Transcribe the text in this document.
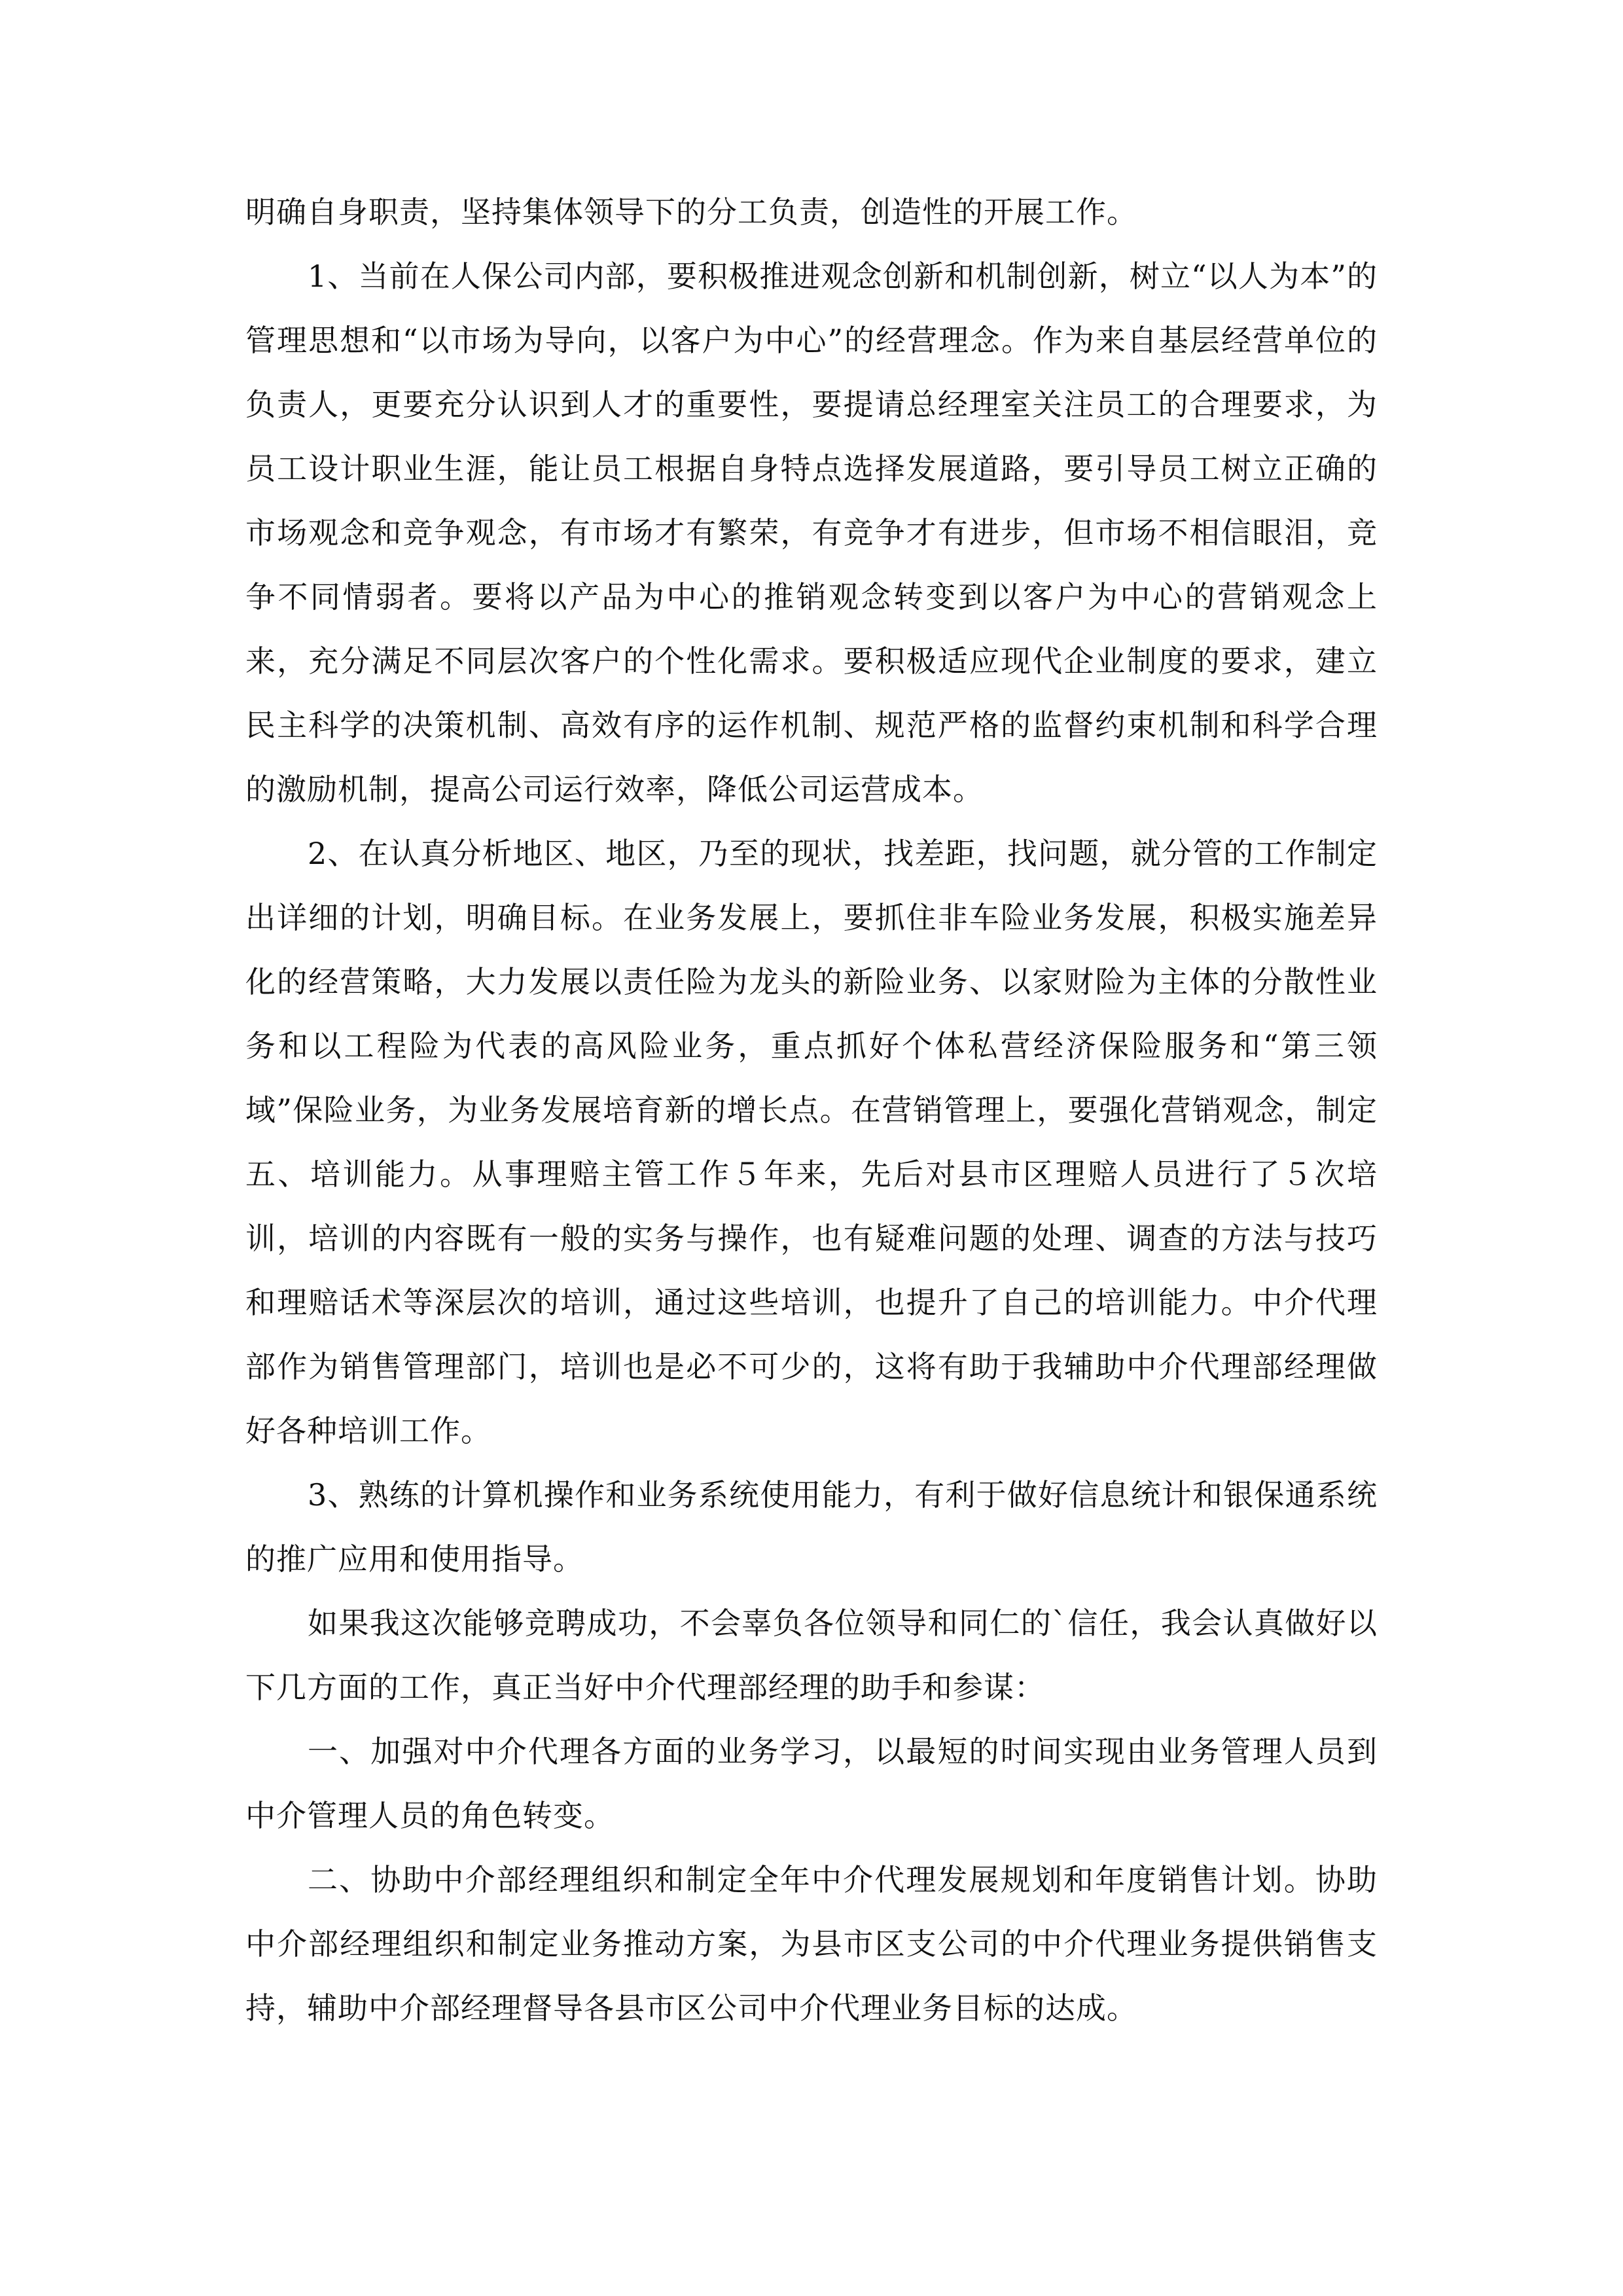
明确自身职责，坚持集体领导下的分工负责，创造性的开展工作。

1、当前在人保公司内部，要积极推进观念创新和机制创新，树立“以人为本”的管理思想和“以市场为导向，以客户为中心”的经营理念。作为来自基层经营单位的负责人，更要充分认识到人才的重要性，要提请总经理室关注员工的合理要求，为员工设计职业生涯，能让员工根据自身特点选择发展道路，要引导员工树立正确的市场观念和竞争观念，有市场才有繁荣，有竞争才有进步，但市场不相信眼泪，竞争不同情弱者。要将以产品为中心的推销观念转变到以客户为中心的营销观念上来，充分满足不同层次客户的个性化需求。要积极适应现代企业制度的要求，建立民主科学的决策机制、高效有序的运作机制、规范严格的监督约束机制和科学合理的激励机制，提高公司运行效率，降低公司运营成本。

2、在认真分析地区、地区，乃至的现状，找差距，找问题，就分管的工作制定出详细的计划，明确目标。在业务发展上，要抓住非车险业务发展，积极实施差异化的经营策略，大力发展以责任险为龙头的新险业务、以家财险为主体的分散性业务和以工程险为代表的高风险业务，重点抓好个体私营经济保险服务和“第三领域”保险业务，为业务发展培育新的增长点。在营销管理上，要强化营销观念，制定五、培训能力。从事理赔主管工作５年来，先后对县市区理赔人员进行了５次培训，培训的内容既有一般的实务与操作，也有疑难问题的处理、调查的方法与技巧和理赔话术等深层次的培训，通过这些培训，也提升了自己的培训能力。中介代理部作为销售管理部门，培训也是必不可少的，这将有助于我辅助中介代理部经理做好各种培训工作。

3、熟练的计算机操作和业务系统使用能力，有利于做好信息统计和银保通系统的推广应用和使用指导。

如果我这次能够竞聘成功，不会辜负各位领导和同仁的`信任，我会认真做好以下几方面的工作，真正当好中介代理部经理的助手和参谋：

一、加强对中介代理各方面的业务学习，以最短的时间实现由业务管理人员到中介管理人员的角色转变。

二、协助中介部经理组织和制定全年中介代理发展规划和年度销售计划。协助中介部经理组织和制定业务推动方案，为县市区支公司的中介代理业务提供销售支持，辅助中介部经理督导各县市区公司中介代理业务目标的达成。
